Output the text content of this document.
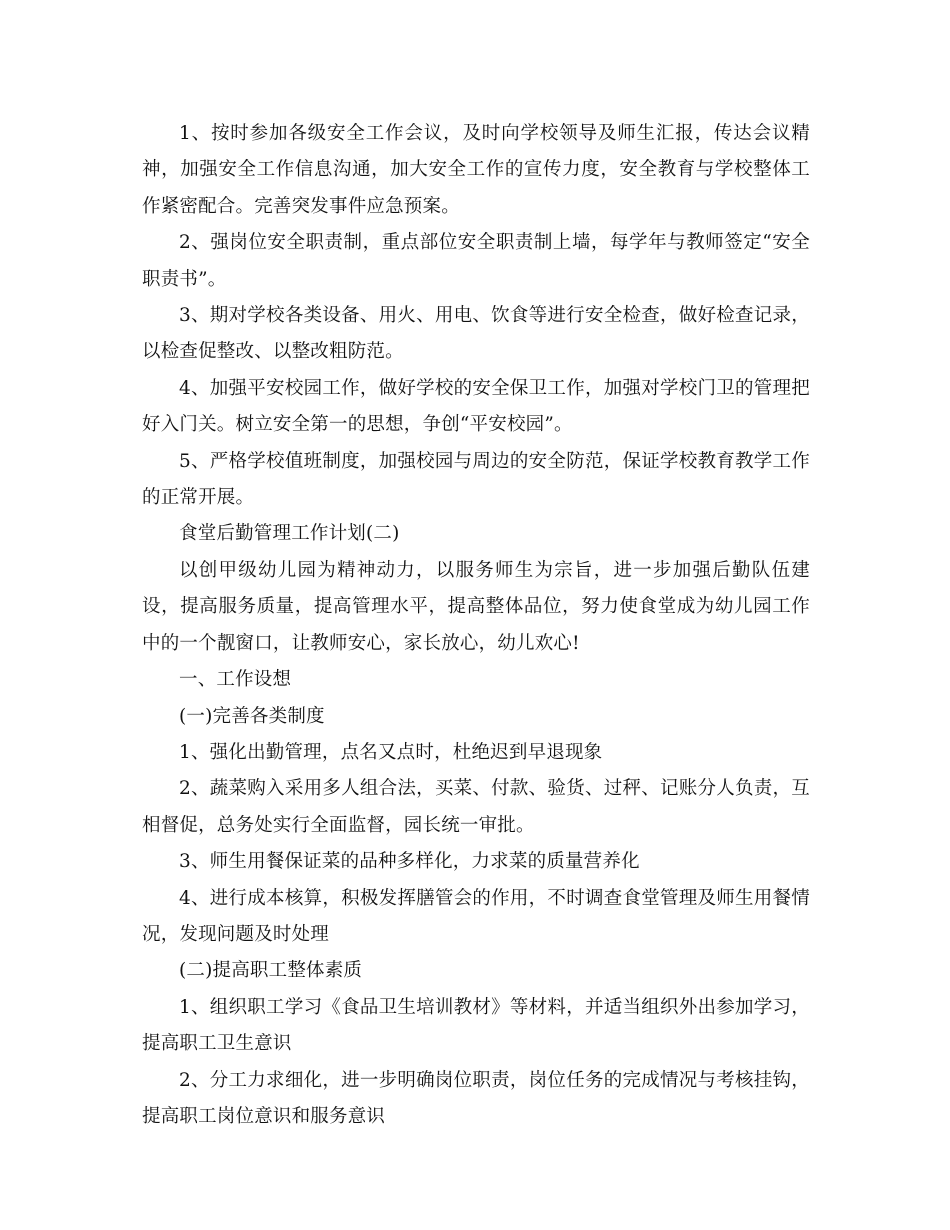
1、按时参加各级安全工作会议，及时向学校领导及师生汇报，传达会议精神，加强安全工作信息沟通，加大安全工作的宣传力度，安全教育与学校整体工作紧密配合。完善突发事件应急预案。

2、强岗位安全职责制，重点部位安全职责制上墙，每学年与教师签定“安全职责书”。

3、期对学校各类设备、用火、用电、饮食等进行安全检查，做好检查记录，以检查促整改、以整改粗防范。

4、加强平安校园工作，做好学校的安全保卫工作，加强对学校门卫的管理把好入门关。树立安全第一的思想，争创“平安校园”。

5、严格学校值班制度，加强校园与周边的安全防范，保证学校教育教学工作的正常开展。

食堂后勤管理工作计划(二)

以创甲级幼儿园为精神动力，以服务师生为宗旨，进一步加强后勤队伍建设，提高服务质量，提高管理水平，提高整体品位，努力使食堂成为幼儿园工作中的一个靓窗口，让教师安心，家长放心，幼儿欢心!

一、工作设想

(一)完善各类制度

1、强化出勤管理，点名又点时，杜绝迟到早退现象

2、蔬菜购入采用多人组合法，买菜、付款、验货、过秤、记账分人负责，互相督促，总务处实行全面监督，园长统一审批。

3、师生用餐保证菜的品种多样化，力求菜的质量营养化

4、进行成本核算，积极发挥膳管会的作用，不时调查食堂管理及师生用餐情况，发现问题及时处理

(二)提高职工整体素质

1、组织职工学习《食品卫生培训教材》等材料，并适当组织外出参加学习，提高职工卫生意识

2、分工力求细化，进一步明确岗位职责，岗位任务的完成情况与考核挂钩，提高职工岗位意识和服务意识
